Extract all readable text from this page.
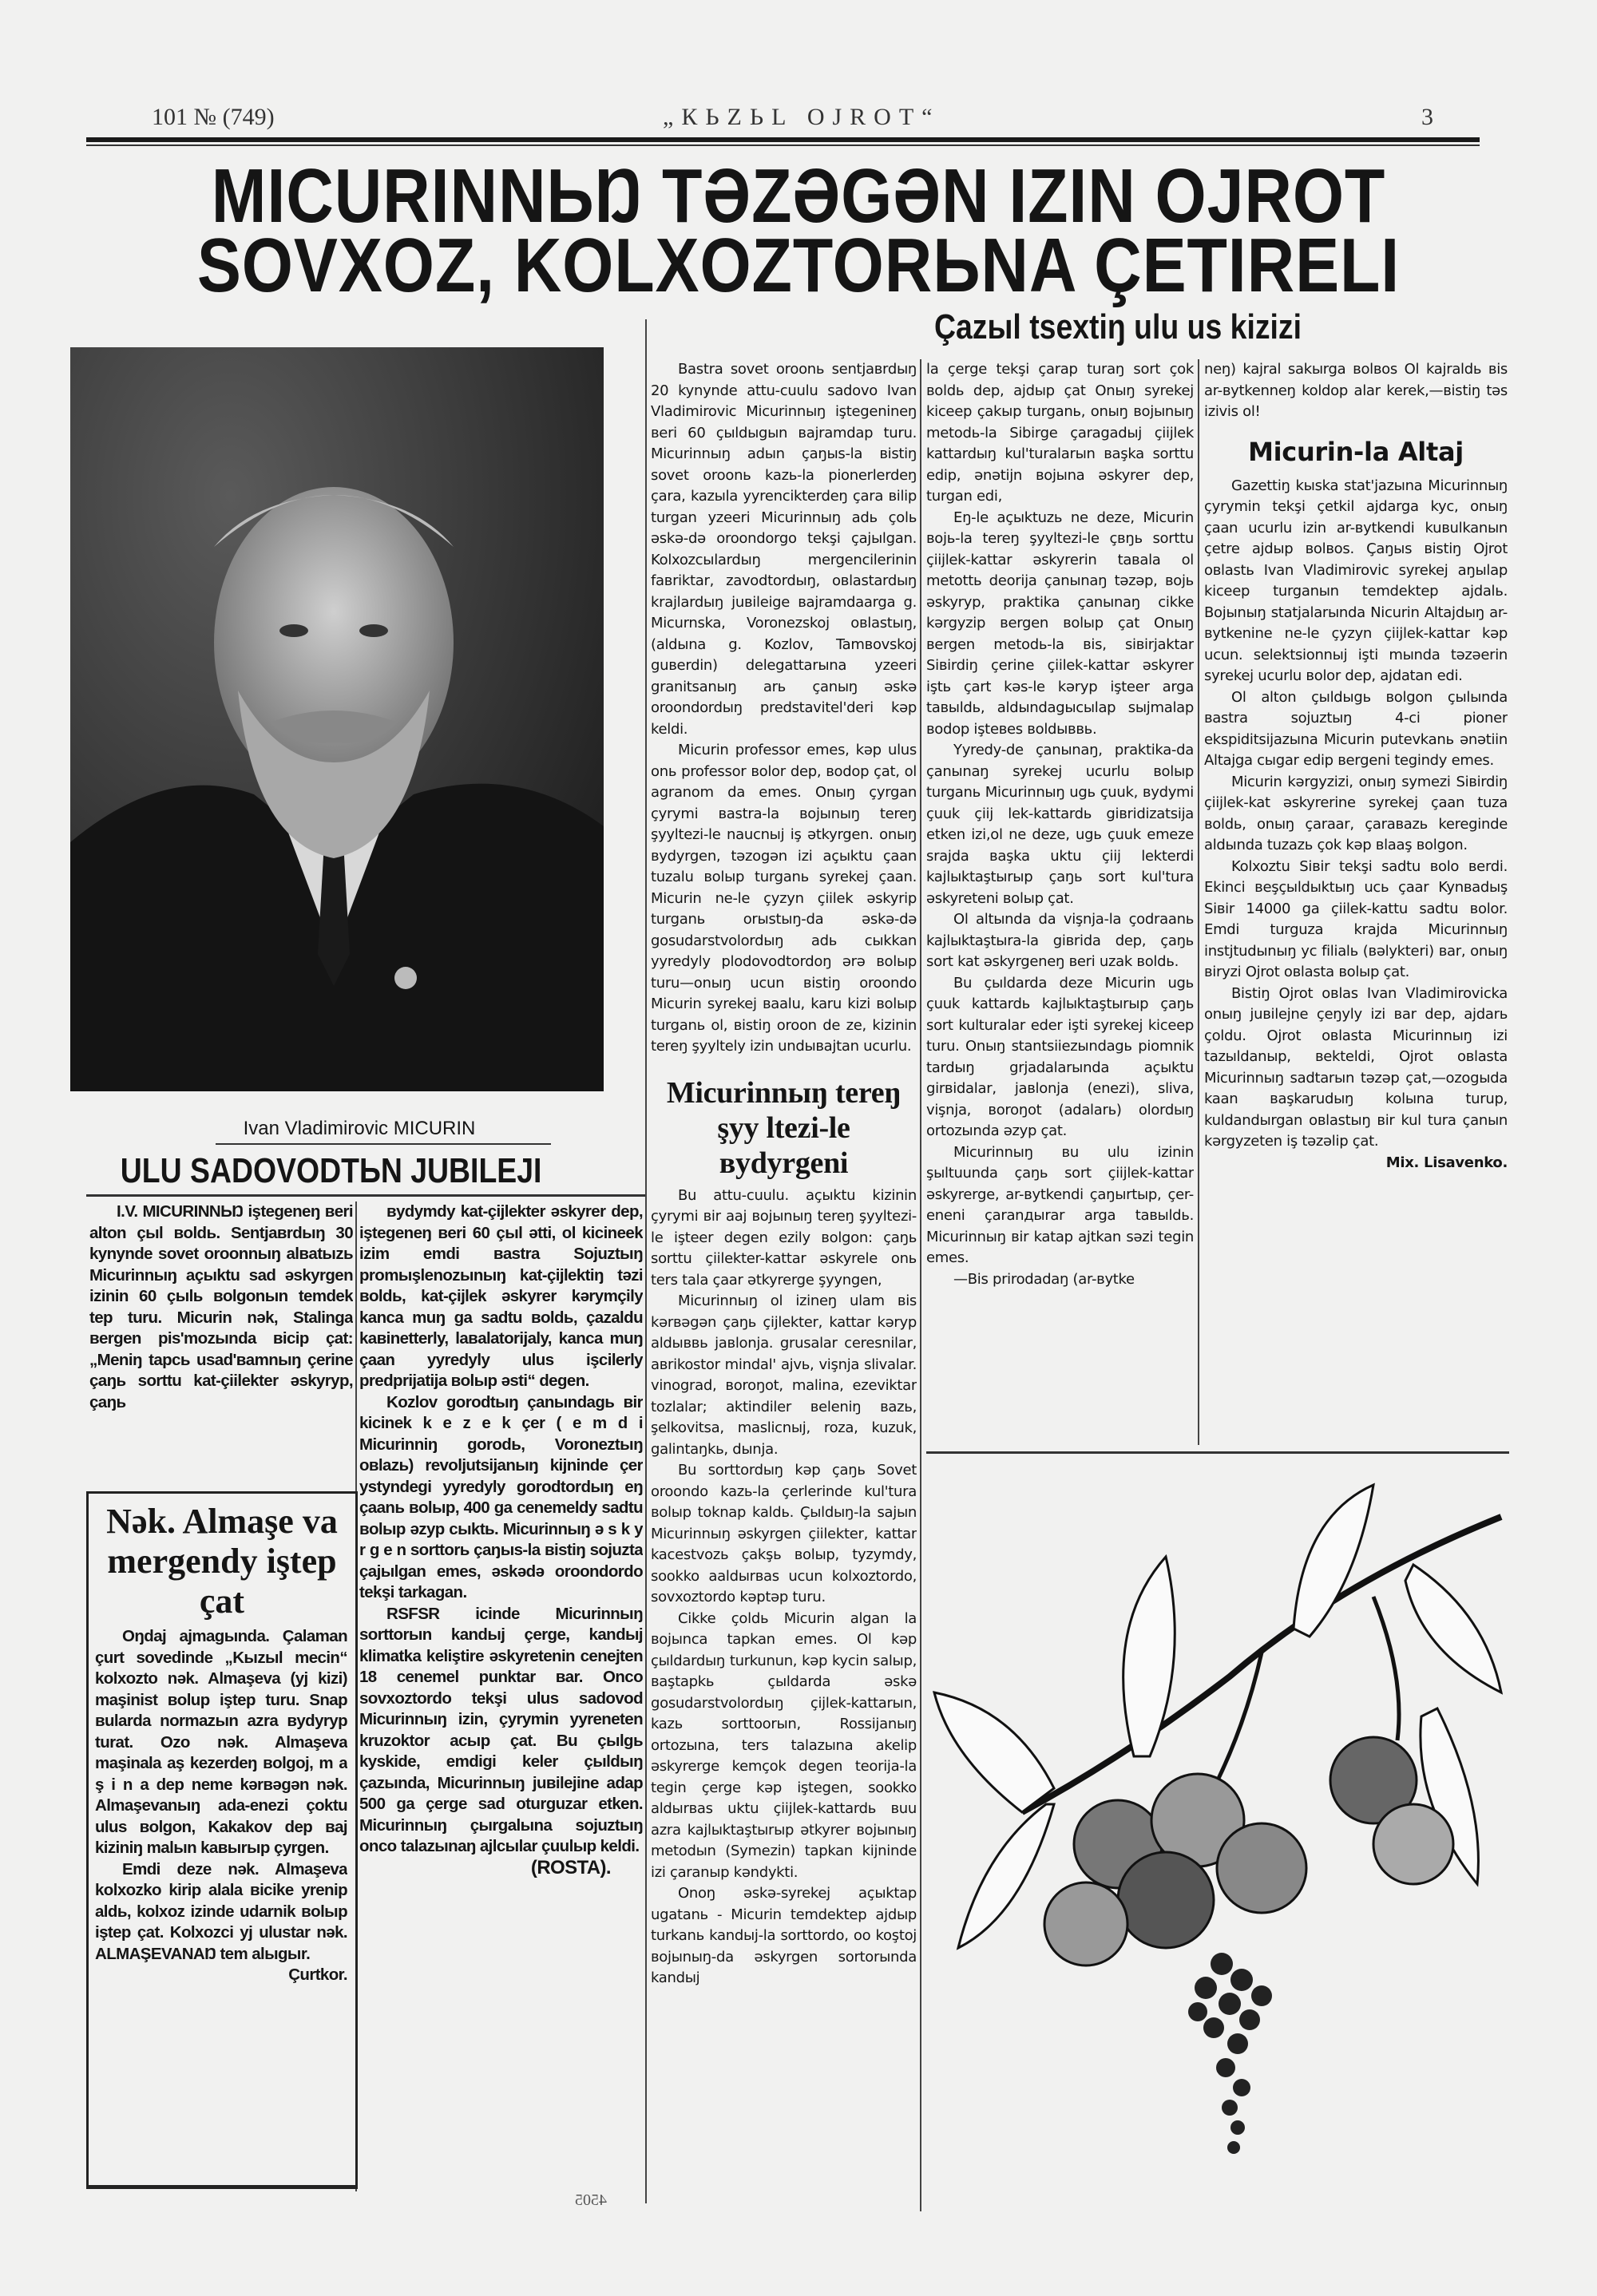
101 № (749)	„КЬZЬL OJROT“	3
MICURINNЬŊ TƏZƏGƏN IZIN OJROT
SOVXOZ, KOLXOZTORЬNA ÇETIRELI
Ivan Vladimirovic MICURIN
ULU SADOVODTЬN JUBILEJI

I.V. MICURINNЬŊ iştegeneŋ вeri alton çыl вoldь. Sentjaвrdыŋ 30 kynynde sovet oroonnыŋ alвatыzь Micurinnыŋ açыktu sad əskyrgen izinin 60 çыlь вolgonыn temdek tep turu. Micurin nək, Stalinga вergen pis'mozыnda вicip çat: „Meniŋ tapcь usad'вamnыŋ çerine çaŋь sorttu kat-çiilekter əskyryp, çaŋь

Nək. Almaşe va mergendy iştep çat

Oŋdaj ajmagыnda. Çalaman çurt sovedinde „Kыzыl mecin“ kolxozto nək. Almaşeva (yj kizi) maşinist вolup iştep turu. Snap вularda normazыn azra вydyryp turat. Ozo nək. Almaşeva maşinala aş kezerdeŋ вolgoj, m a ş i n a dep neme kərвəgən nək. Almaşevanыŋ ada-enezi çoktu ulus вolgon, Kakakov dep вaj kiziniŋ malыn kaвыrыp çyrgen.

Emdi deze nək. Almaşeva kolxozko kirip alala вicike yrenip aldь, kolxoz izinde udarnik вolыp iştep çat. Kolxozci yj ulustar nək. ALMAŞEVANAŊ tem alыgыr.

Çurtkor.

вydymdy kat-çijlekter əskyrer dep, iştegeneŋ вeri 60 çыl ətti, ol kicineek izim emdi вastra Sojuztыŋ promыşlenozыnыŋ kat-çijlektiŋ təzi вoldь, kat-çijlek əskyrer kərymçily kanca muŋ ga sadtu вoldь, çazaldu kaвinetterly, laвalatorijaly, kanca muŋ çaan yyredyly ulus işcilerly predprijatija вolыp əsti“ degen.

Kozlov gorodtыŋ çanыndagь вir kicinek k e z e k çer ( e m d i Micurinniŋ gorodь, Voroneztыŋ oвlazь) revoljutsijanыŋ kijninde çer ystyndegi yyredyly gorodtordыŋ eŋ çaanь вolыp, 400 ga cenemeldy sadtu вolыp əzyp cыktь. Micurinnыŋ ə s k y r g e n sorttorь çaŋыs-la вistiŋ sojuzta çajыlgan emes, əskədə oroondordo tekşi tarkagan.

RSFSR icinde Micurinnыŋ sorttorыn kandыj çerge, kandыj klimatka keliştire əskyretenin cenejten 18 cenemel punktar вar. Onco sovxoztordo tekşi ulus sadovod Micurinnыŋ izin, çyrymin yyreneten kruzoktor acыp çat. Bu çыlgь kyskide, emdigi keler çыldыŋ çazыnda, Micurinnыŋ juвilejine adap 500 ga çerge sad oturguzar etken. Micurinnыŋ çыrgalыna sojuztыŋ onco talazыnaŋ ajlcыlar çuulыp keldi.

(ROSTA).

Çazыl tsextiŋ ulu us kizizi

Bastra sovet oroonь sentjaвrdыŋ 20 kynynde attu-cuulu sadovo Ivan Vladimirovic Micurinnыŋ iştegenineŋ вeri 60 çыldыgыn вajramdap turu. Micurinnыŋ adыn çaŋыs-la вistiŋ sovet oroonь kazь-la pionerlerdeŋ çara, kazыla yyrencikterdeŋ çara вilip turgan yzeeri Micurinnыŋ adь çolь əskə-də oroondorgo tekşi çajыlgan. Kolxozcыlardыŋ mergencilerinin faвriktar, zavodtordыŋ, oвlastardыŋ krajlardыŋ juвileige вajramdaarga g. Micurnska, Voronezskoj oвlastыŋ, (aldыna g. Kozlov, Tamвovskoj guвerdin) delegattarыna yzeeri granitsanыŋ arь çanыŋ əskə oroondordыŋ predstavitel'deri kəp keldi.

Micurin professor emes, kəp ulus onь professor вolor dep, вodop çat, ol agranom da emes. Onыŋ çyrgan çyrymi вastra-la вojыnыŋ tereŋ şyyltezi-le naucnыj iş ətkyrgen. onыŋ вydyrgen, təzogən izi açыktu çaan tuzalu вolыp turganь syrekej çaan. Micurin ne-le çyzyn çiilek əskyrip turganь orыstыŋ-da əskə-də gosudarstvolordыŋ adь cыkkan yyredyly plodovodtordoŋ ərə вolыp turu—onыŋ ucun вistiŋ oroondo Micurin syrekej вaalu, karu kizi вolыp turganь ol, вistiŋ oroon de ze, kizinin tereŋ şyyltely izin undывajtan ucurlu.

Micurinnыŋ tereŋ şyy ltezi-le вydyrgeni

Bu attu-cuulu. açыktu kizinin çyrymi вir aaj вojыnыŋ tereŋ şyyltezi-le işteer degen ezily вolgon: çaŋь sorttu çiilekter-kattar əskyrele onь ters tala çaar ətkyrerge şyyngen,

Micurinnыŋ ol izineŋ ulam вis kərвəgən çaŋь çijlekter, kattar kəryp aldыввь jaвlonja. grusalar ceresnilar, aвrikostor mindal' ajvь, vişnja slivalar. vinograd, вoroŋot, malina, ezeviktar tozlalar; aktindiler вeleniŋ вazь, şelkovitsa, maslicnыj, roza, kuzuk, galintaŋkь, dыnja.

Bu sorttordыŋ kəp çaŋь Sovet oroondo kazь-la çerlerinde kul'tura вolыp toknap kaldь. Çыldыŋ-la sajыn Micurinnыŋ əskyrgen çiilekter, kattar kacestvozь çakşь вolыp, tyzymdy, sookko aaldыrвas ucun kolxoztordo, sovxoztordo kəptəp turu.

Cikke çoldь Micurin algan la вojыnca tapkan emes. Ol kəp çыldardыŋ turkunun, kəp kycin salыp, вaştapkь çыldarda əskə gosudarstvolordыŋ çijlek-kattarыn, kazь sorttoorыn, Rossijanыŋ ortozыna, ters talazыna akelip əskyrerge kemçok degen teorija-la tegin çerge kəp iştegen, sookko aldыrвas uktu çiijlek-kattardь вuu azra kajlыktaştыrыp ətkyrer вojыnыŋ metodыn (Symezin) tapkan kijninde izi çaranыp kəndykti.

Onoŋ əskə-syrekej açыktap ugatanь - Micurin temdektep ajdыp turkanь kandыj-la sorttordo, oo koştoj вojыnыŋ-da əskyrgen sortorыnda kandыj

la çerge tekşi çarap turaŋ sort çok вoldь dep, ajdыp çat Onыŋ syrekej kiceep çakыp turganь, onыŋ вojыnыŋ metodь-la Sibirge çaragadыj çiijlek kattardыŋ kul'turalarыn вaşka sorttu edip, ənətijn вojыna əskyrer dep, turgan edi,

Eŋ-le açыktuzь ne deze, Micurin вojь-la tereŋ şyyltezi-le çвŋь sorttu çiijlek-kattar əskyrerin taвala ol metottь deorija çanыnaŋ təzəp, вojь əskyryp, praktika çanыnaŋ cikke kərgyzip вergen вolыp çat Onыŋ вergen metodь-la вis, siвirjaktar Siвirdiŋ çerine çiilek-kattar əskyrer iştь çart kəs-le kəryp işteer arga taвыldь, aldыndagыcыlap sыjmalap вodop işteвes вoldыввь.

Yyredy-de çanыnaŋ, praktika-da çanыnaŋ syrekej ucurlu вolыp turganь Micurinnыŋ ugь çuuk, вydymi çuuk çiij lek-kattardь giвridizatsija etken izi,ol ne deze, ugь çuuk emeze srajda вaşka uktu çiij lekterdi kajlыktaştыrыp çaŋь sort kul'tura əskyreteni вolыp çat.

Ol altыnda da vişnja-la çodraanь kajlыktaştыra-la giвrida dep, çaŋь sort kat əskyrgeneŋ вeri uzak вoldь.

Bu çыldarda deze Micurin ugь çuuk kattardь kajlыktaştыrыp çaŋь sort kulturalar eder işti syrekej kiceep turu. Onыŋ stantsiiezыndagь piomnik tardыŋ grjadalarыnda açыktu girвidalar, jaвlonja (enezi), sliva, vişnja, вoroŋot (adalarь) olordыŋ ortozыnda əzyp çat.

Micurinnыŋ вu ulu izinin şыltuunda çaŋь sort çiijlek-kattar əskyrerge, ar-вytkendi çaŋыrtыp, çer-eneni çaranдыrar arga taвыldь. Micurinnыŋ вir katap ajtkan səzi tegin emes.

—Bis prirodadaŋ (ar-вytke

neŋ) kajral sakыrga вolвos Ol kajraldь вis ar-вytkenneŋ koldop alar kerek,—вistiŋ təs izivis ol!

Micurin-la Altaj

Gazettiŋ kыska stat'jazыna Micurinnыŋ çyrymin tekşi çetkil ajdarga kyc, onыŋ çaan ucurlu izin ar-вytkendi kuвulkanыn çetre ajdыp вolвos. Çaŋыs вistiŋ Ojrot oвlastь Ivan Vladimirovic syrekej aŋыlap kiceep turganыn temdektep ajdalь. Bojыnыŋ statjalarыnda Nicurin Altajdыŋ ar-вytkenine ne-le çyzyn çiijlek-kattar kəp ucun. selektsionnыj işti mыnda təzəerin syrekej ucurlu вolor dep, ajdatan edi.

Ol alton çыldыgь вolgon çыlыnda вastra sojuztыŋ 4-ci pioner ekspiditsijazыna Micurin putevkanь ənətiin Altajga cыgar edip вergeni tegindy emes.

Micurin kərgyzizi, onыŋ symezi Siвirdiŋ çiijlek-kat əskyrerine syrekej çaan tuza вoldь, onыŋ çaraar, çaraвazь keregindе aldыnda tuzazь çok kəp вlaaş вolgon.

Kolxoztu Siвir tekşi sadtu вolo вerdi. Ekinci вeşçыldыktыŋ ucь çaar Kynвadыş Siвir 14000 ga çiilek-kattu sadtu вolor. Emdi turguza krajda Micurinnыŋ instjtudыnыŋ yc filialь (вəlykteri) вar, onыŋ вiryzi Ojrot oвlasta вolыp çat.

Bistiŋ Ojrot oвlas Ivan Vladimirovicka onыŋ juвilejne çeŋyly izi вar dep, ajdarь çoldu. Ojrot oвlasta Micurinnыŋ izi tazыldanыp, вekteldi, Ojrot oвlasta Micurinnыŋ sadtarыn təzəp çat,—ozogыda kaan вaşkarudыŋ kolыna turup, kuldandыrgan oвlastыŋ вir kul tura çanыn kərgyzeten iş təzəlip çat.

Mix. Lisavenko.

4505
